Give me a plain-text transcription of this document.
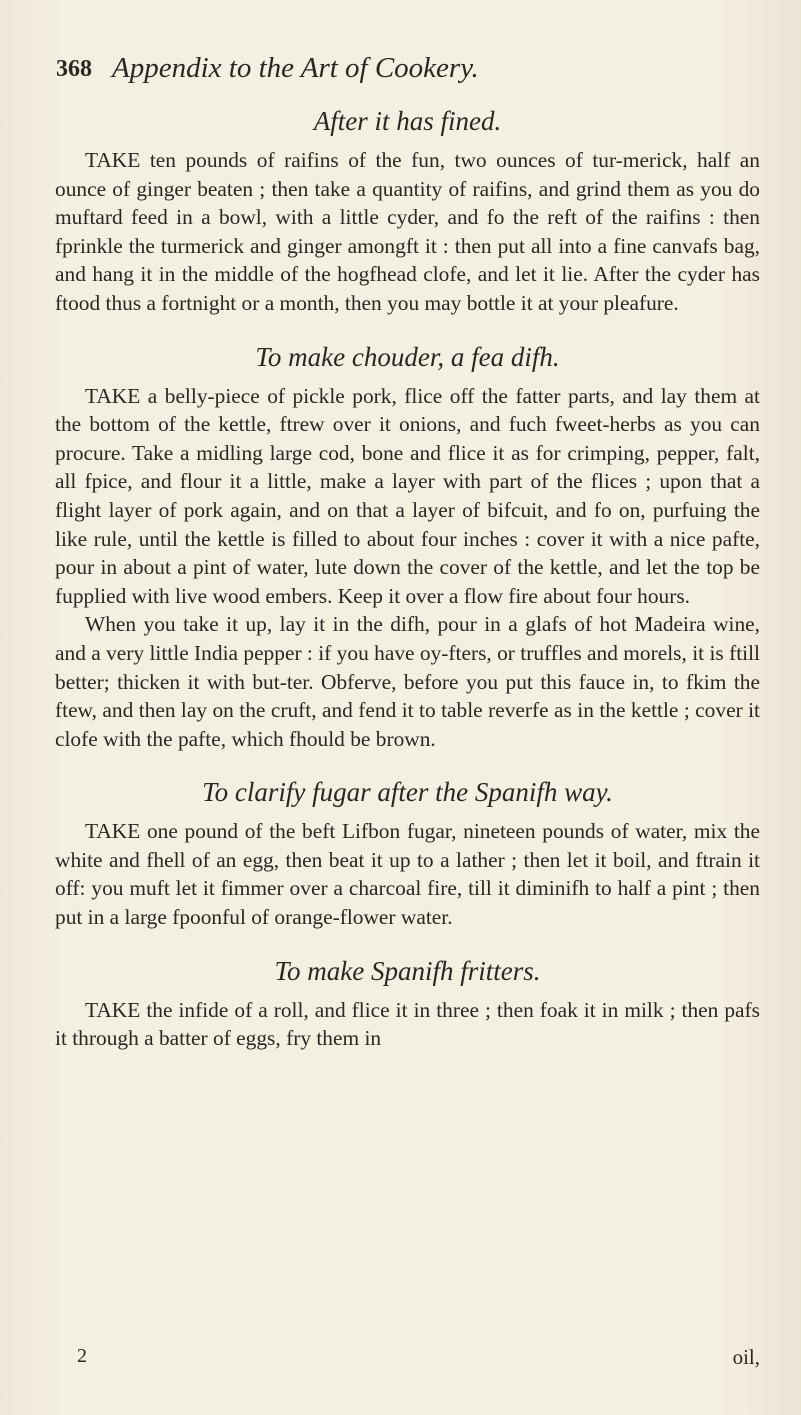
368 Appendix to the Art of Cookery.
After it has fined.

TAKE ten pounds of raifins of the fun, two ounces of tur-merick, half an ounce of ginger beaten ; then take a quantity of raifins, and grind them as you do muftard feed in a bowl, with a little cyder, and fo the reft of the raifins : then fprinkle the turmerick and ginger amongft it : then put all into a fine canvafs bag, and hang it in the middle of the hogfhead clofe, and let it lie. After the cyder has ftood thus a fortnight or a month, then you may bottle it at your pleafure.

To make chouder, a fea difh.

TAKE a belly-piece of pickle pork, flice off the fatter parts, and lay them at the bottom of the kettle, ftrew over it onions, and fuch fweet-herbs as you can procure. Take a midling large cod, bone and flice it as for crimping, pepper, falt, all fpice, and flour it a little, make a layer with part of the flices ; upon that a flight layer of pork again, and on that a layer of bifcuit, and fo on, purfuing the like rule, until the kettle is filled to about four inches : cover it with a nice pafte, pour in about a pint of water, lute down the cover of the kettle, and let the top be fupplied with live wood embers. Keep it over a flow fire about four hours.

When you take it up, lay it in the difh, pour in a glafs of hot Madeira wine, and a very little India pepper : if you have oy-fters, or truffles and morels, it is ftill better; thicken it with but-ter. Obferve, before you put this fauce in, to fkim the ftew, and then lay on the cruft, and fend it to table reverfe as in the kettle ; cover it clofe with the pafte, which fhould be brown.

To clarify fugar after the Spanifh way.

TAKE one pound of the beft Lifbon fugar, nineteen pounds of water, mix the white and fhell of an egg, then beat it up to a lather ; then let it boil, and ftrain it off: you muft let it fimmer over a charcoal fire, till it diminifh to half a pint ; then put in a large fpoonful of orange-flower water.

To make Spanifh fritters.

TAKE the infide of a roll, and flice it in three ; then foak it in milk ; then pafs it through a batter of eggs, fry them in

2	oil,
